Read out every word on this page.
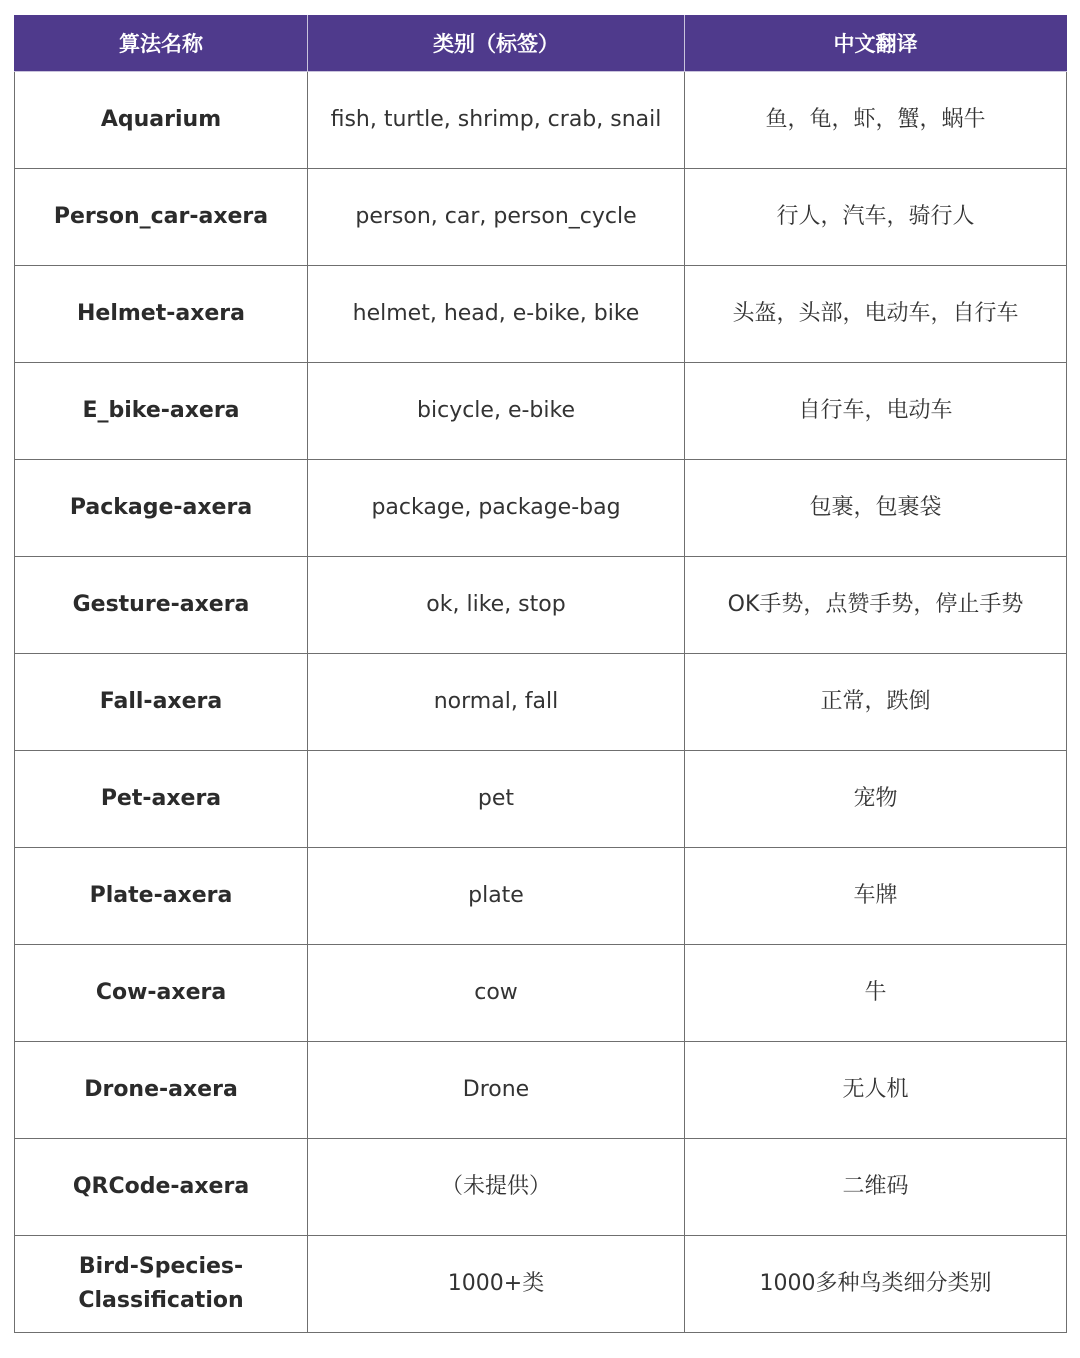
算法名称	类别（标签）	中文翻译
Aquarium	fish, turtle, shrimp, crab, snail	鱼，龟，虾，蟹，蜗牛
Person_car-axera	person, car, person_cycle	行人，汽车，骑行人
Helmet-axera	helmet, head, e-bike, bike	头盔，头部，电动车，自行车
E_bike-axera	bicycle, e-bike	自行车，电动车
Package-axera	package, package-bag	包裹，包裹袋
Gesture-axera	ok, like, stop	OK手势，点赞手势，停止手势
Fall-axera	normal, fall	正常，跌倒
Pet-axera	pet	宠物
Plate-axera	plate	车牌
Cow-axera	cow	牛
Drone-axera	Drone	无人机
QRCode-axera	（未提供）	二维码
Bird-Species-Classification	1000+类	1000多种鸟类细分类别
